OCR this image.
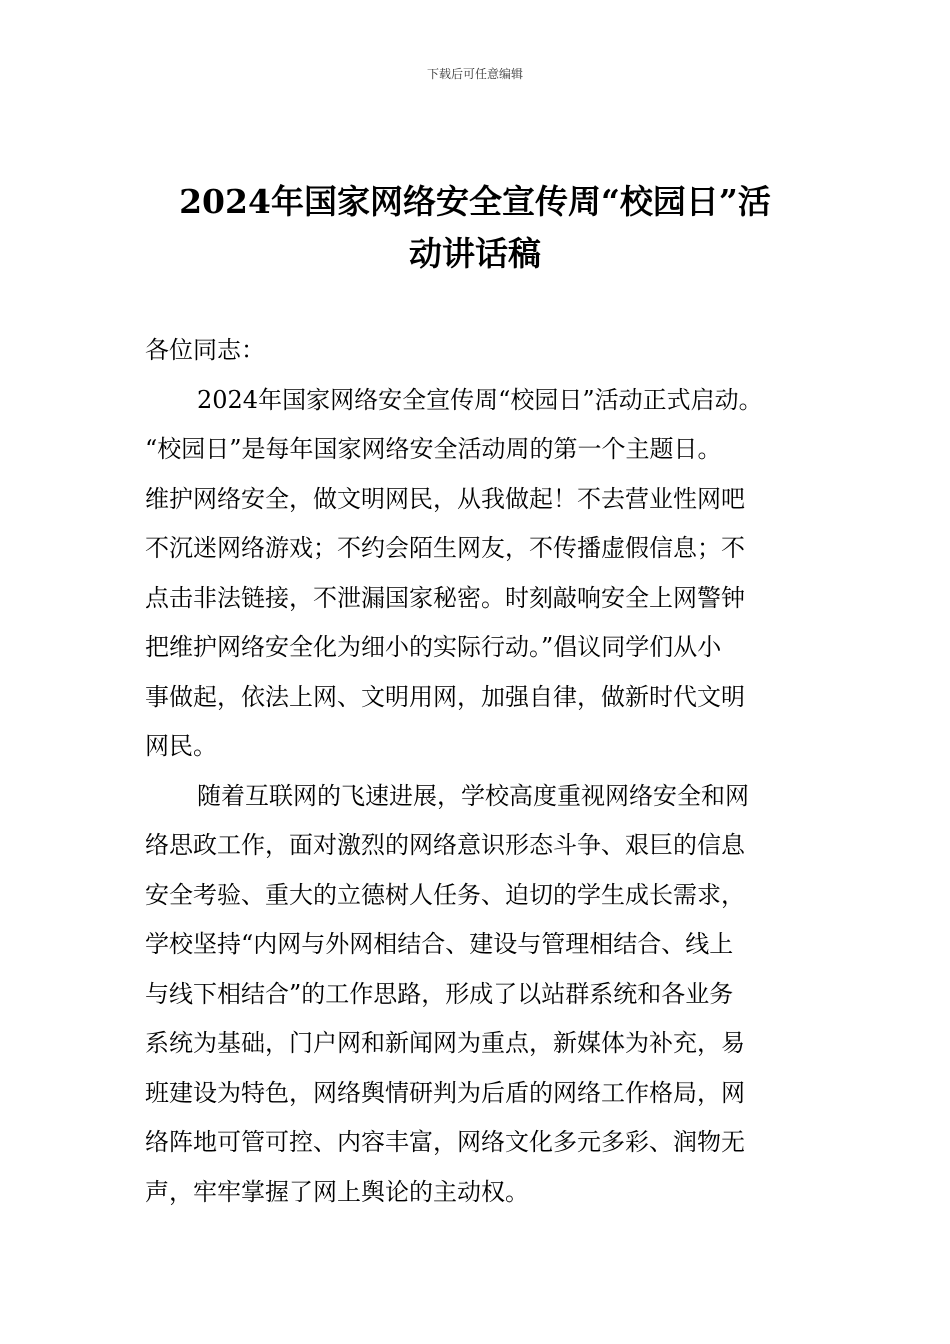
下载后可任意编辑
2024年国家网络安全宣传周“校园日”活
动讲话稿
各位同志：
2024年国家网络安全宣传周“校园日”活动正式启动。
“校园日”是每年国家网络安全活动周的第一个主题日。
维护网络安全，做文明网民，从我做起！不去营业性网吧
不沉迷网络游戏；不约会陌生网友，不传播虚假信息；不
点击非法链接，不泄漏国家秘密。时刻敲响安全上网警钟
把维护网络安全化为细小的实际行动。”倡议同学们从小
事做起，依法上网、文明用网，加强自律，做新时代文明
网民。
随着互联网的飞速进展，学校高度重视网络安全和网
络思政工作，面对激烈的网络意识形态斗争、艰巨的信息
安全考验、重大的立德树人任务、迫切的学生成长需求，
学校坚持“内网与外网相结合、建设与管理相结合、线上
与线下相结合”的工作思路，形成了以站群系统和各业务
系统为基础，门户网和新闻网为重点，新媒体为补充，易
班建设为特色，网络舆情研判为后盾的网络工作格局，网
络阵地可管可控、内容丰富，网络文化多元多彩、润物无
声，牢牢掌握了网上舆论的主动权。
